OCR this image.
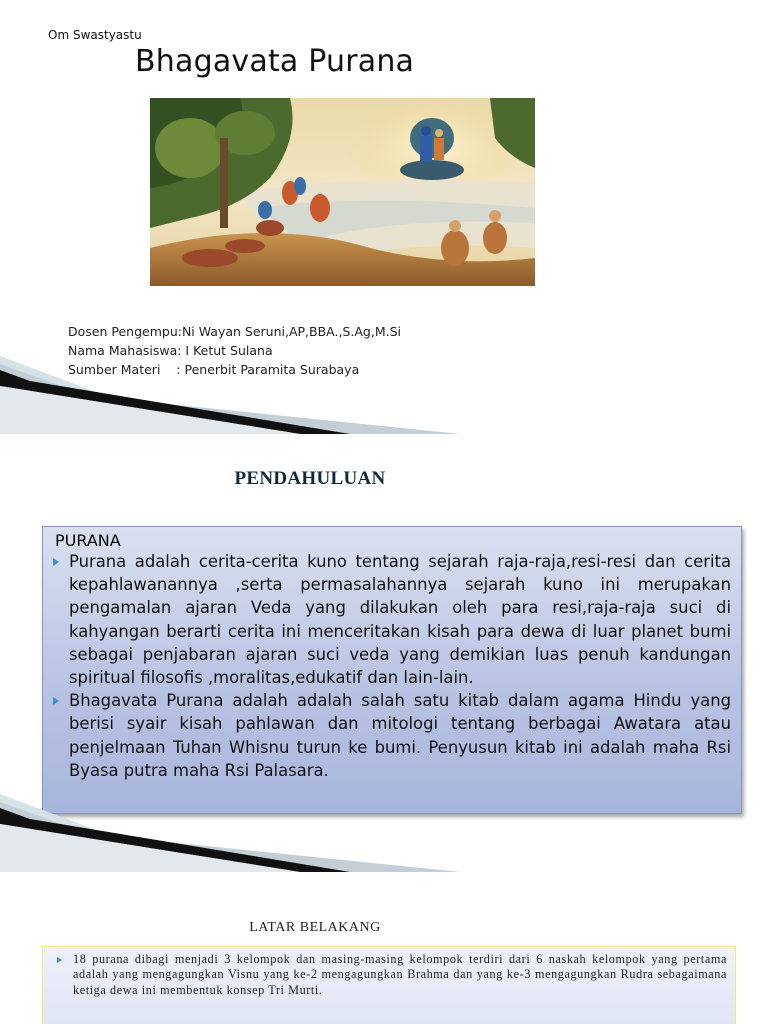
Om Swastyastu
Bhagavata Purana
Dosen Pengempu:Ni Wayan Seruni,AP,BBA.,S.Ag,M.Si
Nama Mahasiswa: I Ketut Sulana
Sumber Materi    : Penerbit Paramita Surabaya
PENDAHULUAN
PURANA
Purana adalah cerita-cerita kuno tentang sejarah raja-raja,resi-resi dan cerita kepahlawanannya ,serta permasalahannya sejarah kuno ini merupakan pengamalan ajaran Veda yang dilakukan oleh para resi,raja-raja suci di kahyangan berarti cerita ini menceritakan kisah para dewa di luar planet bumi sebagai penjabaran ajaran suci veda yang demikian luas penuh kandungan spiritual filosofis ,moralitas,edukatif dan lain-lain.
Bhagavata Purana adalah adalah salah satu kitab dalam agama Hindu yang berisi syair kisah pahlawan dan mitologi tentang berbagai Awatara atau penjelmaan Tuhan Whisnu turun ke bumi. Penyusun kitab ini adalah maha Rsi Byasa putra maha Rsi Palasara.
LATAR BELAKANG
18 purana dibagi menjadi 3 kelompok dan masing-masing kelompok terdiri dari 6 naskah kelompok yang pertama adalah yang mengagungkan Visnu yang ke-2 mengagungkan Brahma dan yang ke-3 mengagungkan Rudra sebagaimana ketiga dewa ini membentuk konsep Tri Murti.
